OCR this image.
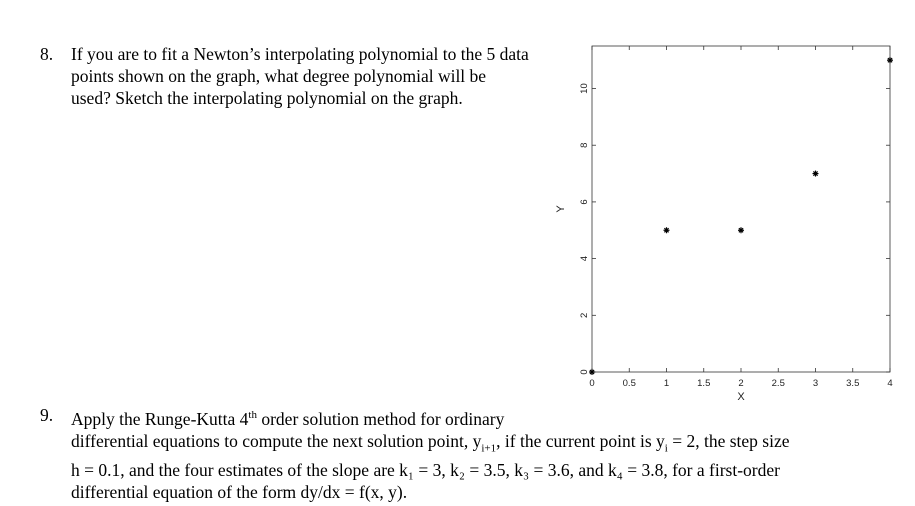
8. If you are to fit a Newton’s interpolating polynomial to the 5 data
points shown on the graph, what degree polynomial will be
used? Sketch the interpolating polynomial on the graph.
9. Apply the Runge-Kutta 4th order solution method for ordinary
differential equations to compute the next solution point, $y_{i+1}$, if the current point is $y_i = 2$, the step size
h = 0.1, and the four estimates of the slope are k₁ = 3, k₂ = 3.5, k₃ = 3.6, and k₄ = 3.8, for a first-order
differential equation of the form dy/dx = f(x, y).
0	0.5	1	1.5	2	2.5	3	3.5	4
0
2
4
6
8
10
X
Y
